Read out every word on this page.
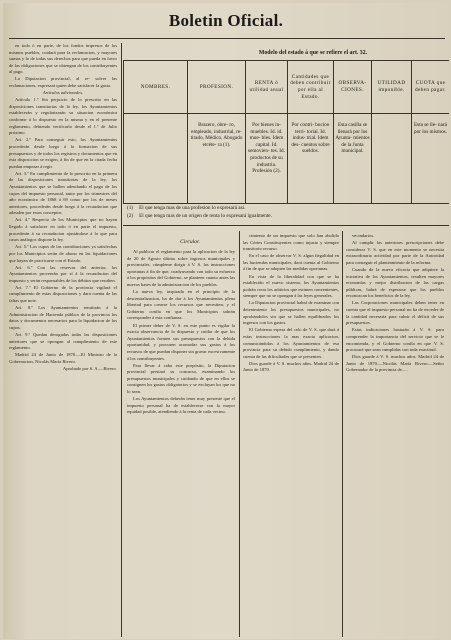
Boletin Oficial.

en todo ó en parte, de los fondos impresos de los mismos pueblos, cuidará para la reclamacion, y mayores sumas y lo de todas sus derechos para que pueda en favor de las obligaciones que se obtengan de los contribuyentes al pago.

La Diputacion provincial, al re- solver las reclamaciones, expresará quien debe satisfacer la gasta.

Artículos adicionales.

Artículo 1.º Sin perjuicio de lo prescrito en las disposiciones transitorias de la ley, los Ayuntamientos establecerán y regularizarán su situacion económica conforme á lo dispuesto en la misma y en el presente reglamento, debiendo verificarlo desde el 1.º de Julio próximo.

Art. 2.º Para conseguir esto, los Ayuntamientos procederán desde luego á la formacion de sus presupuestos y de todos los registros y documentos que en esta disposicion se exigen, á fin de que en la citada fecha puedan empezar á regir.

Art. 3.º En cumplimiento de lo prescrito en la primera de las disposiciones transitorias de la ley, los Ayuntamientos que se hallen adeudando el pago de los cupos del impuesto personal, tanto por los trimestres del año económico de 1868 á 69 como por los de meses anteriores, procederán desde luego á la recaudacion que adeuden por estos conceptos.

Art. 4.º Respecto de los Municipios que no hayan llegado á satisfacer en todo ó en parte el impuesto, procederán á su recaudacion ajustándose á lo que para casos análogos dispone la ley.

Art. 5.º Los cupos de las contribuciones ya satisfechas por los Municipios serán de abono en las liquidaciones que hayan de practicarse con el Estado.

Art. 6.º Con las reservas del anterior, los Ayuntamientos proveerán por sí á la recaudacion del impuesto y serán responsables de los débitos que resulten.

Art. 7.º El Gobierno de la provincia vigilará el cumplimiento de estas disposiciones y dará cuenta de las faltas que note.

Art. 8.º Los Ayuntamientos remitirán á la Administracion de Hacienda pública de la provincia los datos y documentos necesarios para la liquidacion de los cupos.

Art. 9.º Quedan derogadas todas las disposiciones anteriores que se opongan al cumplimiento de este reglamento.

Madrid 24 de Junio de 1870.—El Ministro de la Gobernacion, Nicolás María Rivero.

Aprobado por S. A.—Rivero.

Modelo del estado á que se refiere el art. 32.
NOMBRES.	PROFESION.	RENTA ó utilidad anual	Cantidades que deben contribuir por ella al Estado.	OBSERVA- CIONES.	UTILIDAD imponible.	CUOTA que deben pagar.
	Brazero, obre- ro, empleado, industrial, re- tirado, Médico, Abogado etcéte- ra (1).	Por bienes in- muebles. Id. id. mue- bles. Idem capital. Id. semovien- tes. Id. productos de su industria. Profesión (2).	Por contri- bucion terri- torial. Id. indus- trial. Idem des- cuentos sobre sueldos.	Esta casilla se llenará por los Ayunta- mientos de la Junta municipal.		Esta se lle- nará por los mismos.
(1) El que tenga mas de una profesion lo expresará asi.
(2) El que tenga mas de un origen de renta lo expresará igualmente.
Circular.

Al publicar el reglamento para la aplicacion de la ley de 20 de Agosto último sobre ingresos municipales y provinciales, cúmpleme dirigir á V. S. las instrucciones oportunas á fin de que, coadyuvando con todo su esfuerzo á los propósitos del Gobierno, se planteen cuanto antes las nuevas bases de la administracion de los pueblos.

La nueva ley, inspirada en el principio de la descentralizacion, ha de dar á los Ayuntamientos plena libertad para crearse los recursos que necesiten, y el Gobierno confía en que los Municipios sabrán corresponder á esta confianza.

El primer deber de V. S. en este punto es vigilar la exacta observancia de lo dispuesto y cuidar de que los Ayuntamientos formen sus presupuestos con la debida oportunidad, y procuren acomodar sus gastos á los recursos de que puedan disponer sin gravar excesivamente á los contribuyentes.

Para llevar á cabo este propósito, la Diputacion provincial prestará su concurso, examinando los presupuestos municipales y cuidando de que en ellos se consignen los gastos obligatorios y se excluyan los que no lo sean.

Los Ayuntamientos deberán tener muy presente que el impuesto personal ha de establecerse con la mayor equidad posible, atendiendo á la renta de cada vecino.

cimiento de un impuesto que solo han abolido las Córtes Constituyentes como injusto y siempre transitorio recurso.

En el caso de observar V. S. algun ilegalidad en las haciendas municipales, dará cuenta al Gobierno á fin de que se adopten las medidas oportunas.

En vista de la liberalidad con que se ha establecido el nuevo sistema, los Ayuntamientos podrán crear los arbitrios que estimen convenientes, siempre que no se opongan á las leyes generales.

La Diputacion provincial habrá de examinar con detenimiento los presupuestos municipales, no aprobándolos sin que se hallen equilibrados los ingresos con los gastos.

El Gobierno espera del celo de V. S. que dará á estas instrucciones la mas exacta aplicacion, comunicándolas á los Ayuntamientos de esa provincia para su debido cumplimiento, y dando cuenta de las dificultades que se presenten.

Dios guarde á V. S. muchos años. Madrid 24 de Junio de 1870.

vecindarios.

Al cumplir las anteriores prescripciones debe considerar V. S. que en este momento se necesita extraordinaria actividad por parte de la Autoridad para conseguir el planteamiento de la reforma.

Cuando de la nueva eficacia que adquiere la iniciativa de los Ayuntamientos, resulten mayores economías y mejor distribucion de las cargas públicas, habrá de esperarse que los pueblos reconozcan los beneficios de la ley.

Las Corporaciones municipales deben tener en cuenta que el impuesto personal no ha de exceder de la cantidad necesaria para cubrir el déficit de sus presupuestos.

Estas indicaciones bastarán á V. S. para comprender la importancia del servicio que se le encomienda, y el Gobierno confía en que V. S. procurará que sean cumplidas con toda exactitud.

Dios guarde á V. S. muchos años. Madrid 24 de Junio de 1870.—Nicolás María Rivero.—Señor Gobernador de la provincia de.....
